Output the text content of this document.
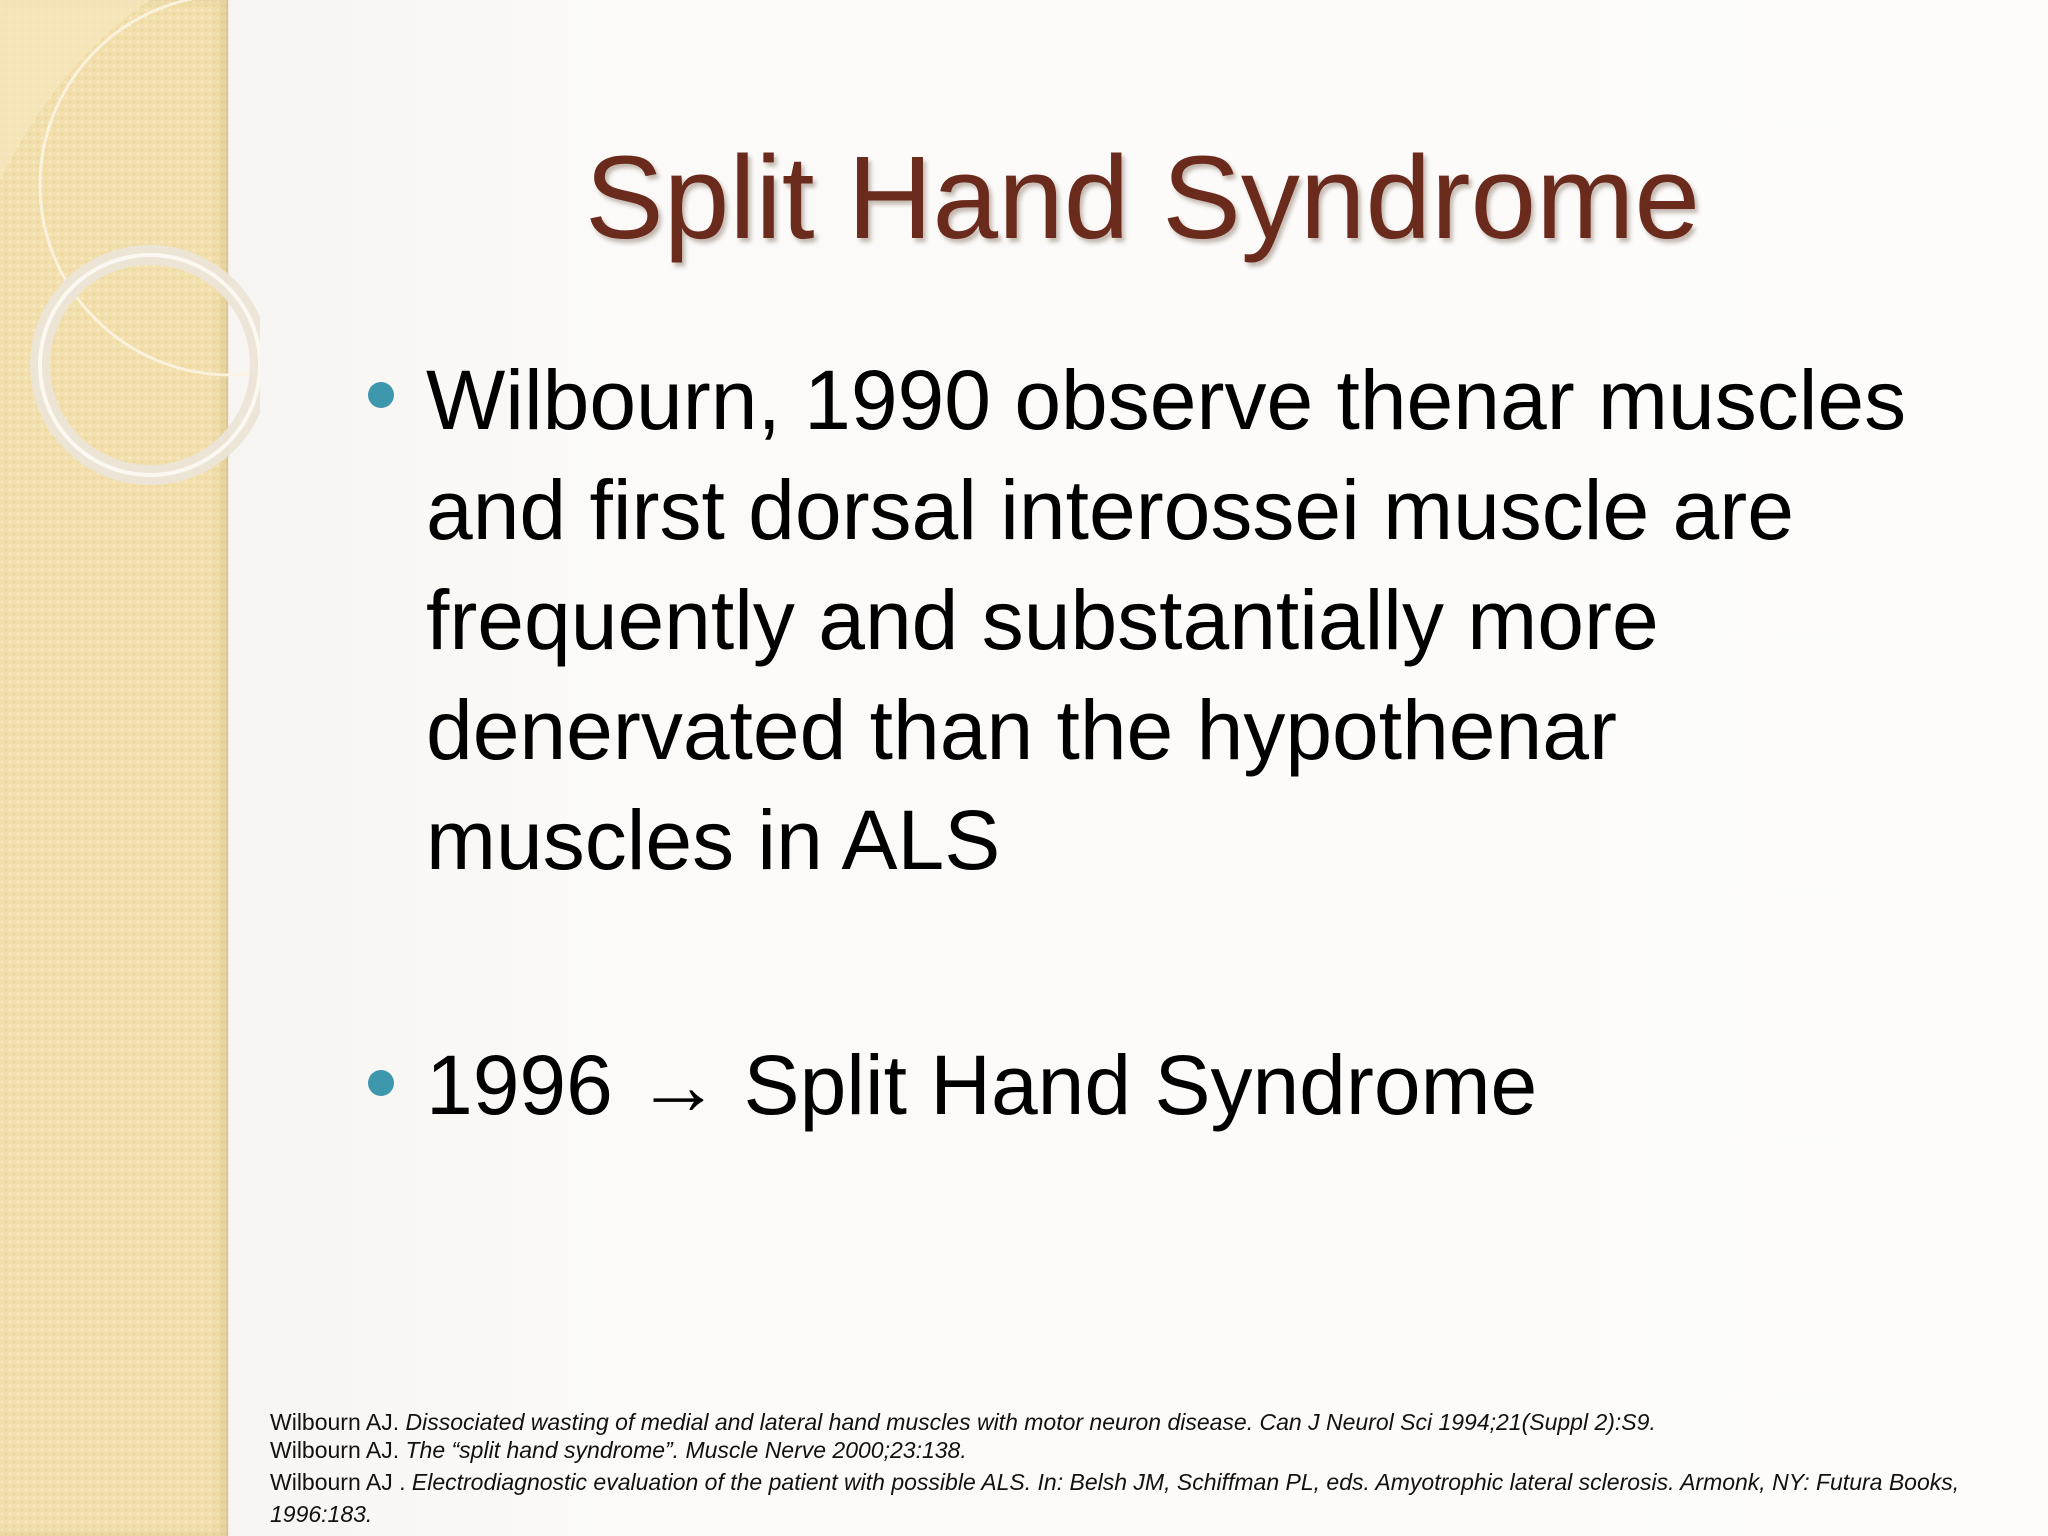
Split Hand Syndrome
Wilbourn, 1990 observe thenar muscles and first dorsal interossei muscle are frequently and substantially more denervated than the hypothenar muscles in ALS
1996 → Split Hand Syndrome
Wilbourn AJ. Dissociated wasting of medial and lateral hand muscles with motor neuron disease. Can J Neurol Sci 1994;21(Suppl 2):S9.
Wilbourn AJ. The “split hand syndrome”. Muscle Nerve 2000;23:138.
Wilbourn AJ . Electrodiagnostic evaluation of the patient with possible ALS. In: Belsh JM, Schiffman PL, eds. Amyotrophic lateral sclerosis. Armonk, NY: Futura Books, 1996:183.
